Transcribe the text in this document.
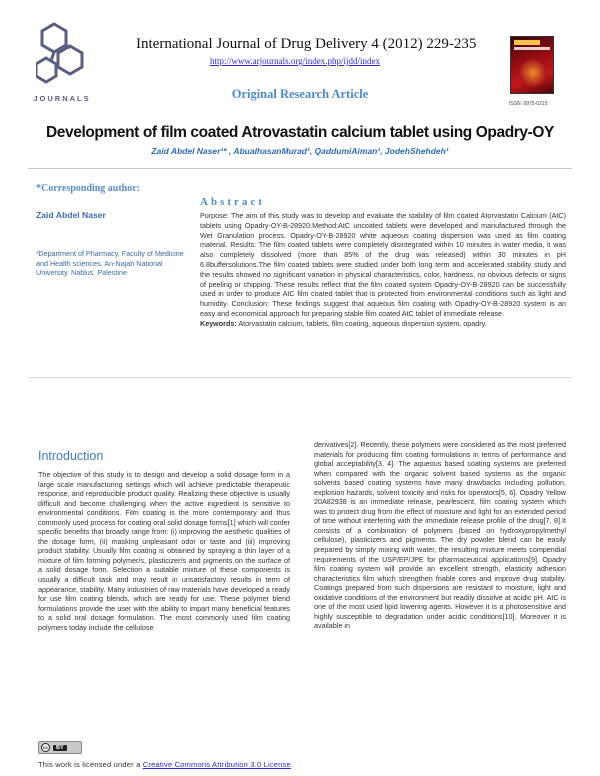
JOURNALS
International Journal of Drug Delivery 4 (2012) 229-235
http://www.arjournals.org/index.php/ijdd/index
ISSN: 0975-0215
Original Research Article
Development of film coated Atrovastatin calcium tablet using Opadry-OY
Zaid Abdel Naser¹* , AbualhasanMurad¹, QaddumiAiman¹, JodehShehdeh¹
*Corresponding author:
Zaid Abdel Naser
¹Department of Pharmacy, Faculty of Medicine and Health sciences, An-Najah National University. Nablus. Palestine
Abstract
Purpose: The aim of this study was to develop and evaluate the stability of film coated Atorvastatin Calcium (AtC) tablets using Opadry-OY-B-28920.Method:AtC uncoated tablets were developed and manufactured through the Wet Granulation process. Opadry-OY-B-28920 white aqueous coating dispersion was used as film coating material. Results: The film coated tablets were completely disintegrated within 10 minutes in water media, it was also completely dissolved (more than 85% of the drug was released) within 30 minutes in pH 6.8buffersolutions.The film coated tablets were studied under both long term and accelerated stability study and the results showed no significant variation in physical characteristics, color, hardness, no obvious defects or signs of peeling or chipping. These results reflect that the film coated system Opadry-OY-B-28920 can be successfully used in order to produce AtC film coated tablet that is protected from environmental conditions such as light and humidity. Conclusion: These findings suggest that aqueous film coating with Opadry-OY-B-28920 system is an easy and economical approach for preparing stable film coated AtC tablet of immediate release.
Keywords: Atorvastatin calcium, tablets, film coating, aqueous dispersion system, opadry.
Introduction
The objective of this study is to design and develop a solid dosage form in a large scale manufacturing settings which will achieve predictable therapeutic response, and reproducible product quality. Realizing these objective is usually difficult and become challenging when the active ingredient is sensitive to environmental conditions. Film coating is the more contemporary and thus commonly used process for coating oral solid dosage forms[1] which will confer specific benefits that broadly range from: (i) improving the aesthetic qualities of the dosage form, (ii) masking unpleasant odor or taste and (iii) improving product stability. Usually film coating is obtained by spraying a thin layer of a mixture of film forming polymer/s, plasticizer/s and pigments on the surface of a solid dosage form. Selection a suitable mixture of these components is usually a difficult task and may result in unsatisfactory results in term of appearance, stability. Many industries of raw materials have developed a ready for use film coating blends, which are ready for use. These polymer blend formulations provide the user with the ability to impart many beneficial features to a solid oral dosage formulation. The most commonly used film coating polymers today include the cellulose
derivatives[2]. Recently, these polymers were considered as the most preferred materials for producing film coating formulations in terms of performance and global acceptability[3, 4]. The aqueous based coating systems are preferred when compared with the organic solvent based systems as the organic solvents based coating systems have many drawbacks including pollution, explosion hazards, solvent toxicity and risks for operators[5, 6]. Opadry Yellow 20A82938 is an immediate release, pearlescent, film coating system which was to protect drug from the effect of moisture and light for an extended period of time without interfering with the immediate release profile of the drug[7, 8].It consists of a combination of polymers (based on hydroxypropylmethyl cellulose), plasticizers and pigments. The dry powder blend can be easily prepared by simply mixing with water, the resulting mixture meets compendial requirements of the USP/EP/JPE for pharmaceutical applications[9]. Opadry film coating system will provide an excellent strength, elasticity adhesion characteristics film which strengthen friable cores and improve drug stability. Coatings prepared from such dispersions are resistant to moisture, light and oxidative conditions of the environment but readily dissolve at acidic pH. AtC is one of the most used lipid lowering agents. However it is a photosensitive and highly susceptible to degradation under acidic conditions[10]. Moreover it is available in
cc	BY
This work is licensed under a Creative Commons Attribution 3.0 License.
